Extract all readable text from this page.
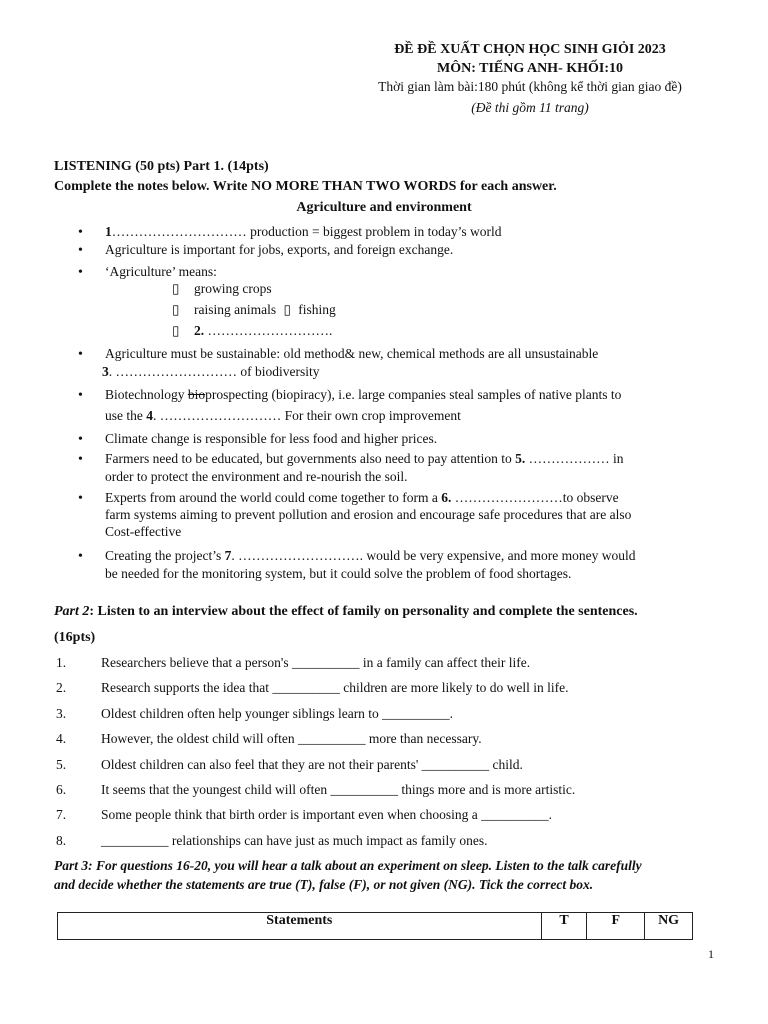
ĐỀ ĐỀ XUẤT CHỌN HỌC SINH GIỎI 2023
MÔN: TIẾNG ANH- KHỐI:10
Thời gian làm bài:180 phút (không kể thời gian giao đề)
(Đề thi gồm 11 trang)
LISTENING (50 pts) Part 1. (14pts)
Complete the notes below. Write NO MORE THAN TWO WORDS for each answer.
Agriculture and environment
• 1………………………… production = biggest problem in today’s world
• Agriculture is important for jobs, exports, and foreign exchange.
• ‘Agriculture’ means:
▯ growing crops
▯ raising animals ▯ fishing
▯ 2. ……………………….
• Agriculture must be sustainable: old method& new, chemical methods are all unsustainable
3. ……………………… of biodiversity
• Biotechnology bioprospecting (biopiracy), i.e. large companies steal samples of native plants to
use the 4. ……………………… For their own crop improvement
• Climate change is responsible for less food and higher prices.
• Farmers need to be educated, but governments also need to pay attention to 5. ……………… in
order to protect the environment and re-nourish the soil.
• Experts from around the world could come together to form a 6. ……………………to observe
farm systems aiming to prevent pollution and erosion and encourage safe procedures that are also
Cost-effective
• Creating the project’s 7. ………………………. would be very expensive, and more money would
be needed for the monitoring system, but it could solve the problem of food shortages.
Part 2: Listen to an interview about the effect of family on personality and complete the sentences.
(16pts)
1.	Researchers believe that a person's __________ in a family can affect their life.
2.	Research supports the idea that __________ children are more likely to do well in life.
3.	Oldest children often help younger siblings learn to __________.
4.	However, the oldest child will often __________ more than necessary.
5.	Oldest children can also feel that they are not their parents' __________ child.
6.	It seems that the youngest child will often __________ things more and is more artistic.
7.	Some people think that birth order is important even when choosing a __________.
8.	__________ relationships can have just as much impact as family ones.
Part 3: For questions 16-20, you will hear a talk about an experiment on sleep. Listen to the talk carefully
and decide whether the statements are true (T), false (F), or not given (NG). Tick the correct box.
Statements	T	F	NG
1
